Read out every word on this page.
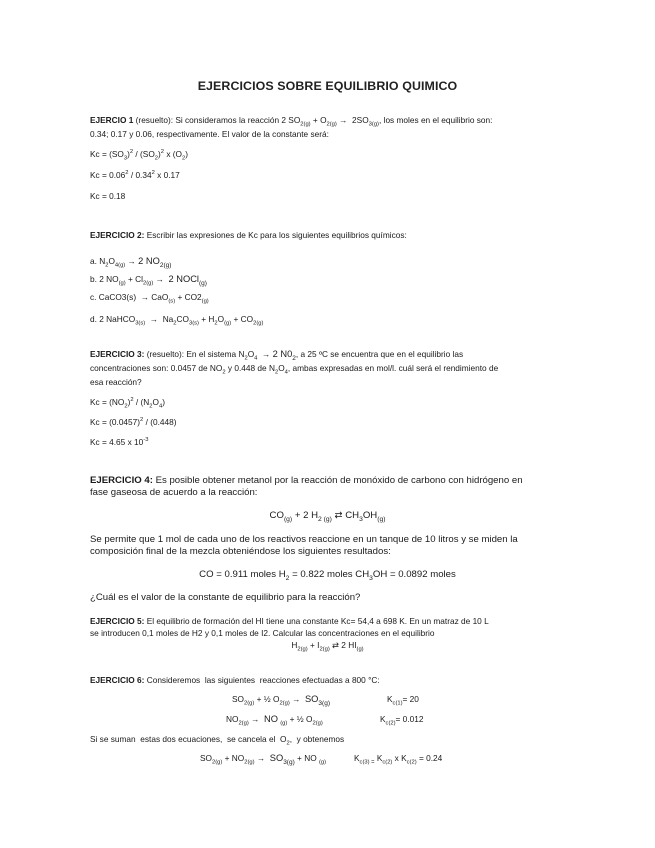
EJERCICIOS SOBRE EQUILIBRIO QUIMICO

EJERCIO 1 (resuelto): Si consideramos la reacción 2 $SO_{2(g)} + O_{2(g)} \to 2SO_{3(g)}$, los moles en el equilibrio son:

0.34; 0.17 y 0.06, respectivamente. El valor de la constante será:

$Kc = (SO_3)^2 / (SO_2)^2$ x $(O_2)$

$Kc = 0.06^2 / 0.34^2$ x 0.17

Kc = 0.18

EJERCICIO 2: Escribir las expresiones de Kc para los siguientes equilibrios químicos:

a. $N_2O_{4(g)} \to 2$ $NO_{2(g)}$

b. 2 $NO_{(g)} + Cl_{2(g)} \to 2$ NOCl$_{(g)}$

c. CaCO3(s)  → $CaO_{(s)} + CO2_{(g)}$

d. 2 NaHCO$_{3(s)}$  →  $Na_2CO_{3(s)} + H_2O_{(g)} + CO_{2(g)}$

EJERCICIO 3: (resuelto): En el sistema $N_2O_4 \to 2$ $N0_2$, a 25 ºC se encuentra que en el equilibrio las

concentraciones son: 0.0457 de $NO_2$ y 0.448 de $N_2O_4$, ambas expresadas en mol/l. cuál será el rendimiento de

esa reacción?

$Kc = (NO_2)^2 / (N_2O_4)$

$Kc = (0.0457)^2 / (0.448)$

Kc = 4.65 x $10^{-3}$

EJERCICIO 4: Es posible obtener metanol por la reacción de monóxido de carbono con hidrógeno en

fase gaseosa de acuerdo a la reacción:

$CO_{(g)} + 2$ $H_{2 (g)}$ ⇄ $CH_3OH_{(g)}$

Se permite que 1 mol de cada uno de los reactivos reaccione en un tanque de 10 litros y se miden la

composición final de la mezcla obteniéndose los siguientes resultados:

CO = 0.911 moles $H_2 = 0.822$ moles $CH_3OH = 0.0892$ moles

¿Cuál es el valor de la constante de equilibrio para la reacción?

EJERCICIO 5: El equilibrio de formación del HI tiene una constante Kc= 54,4 a 698 K. En un matraz de 10 L

se introducen 0,1 moles de H2 y 0,1 moles de I2. Calcular las concentraciones en el equilibrio

$H_{2(g)} + I_{2(g)}$ ⇄ 2 $HI_{(g)}$

EJERCICIO 6: Consideremos  las siguientes  reacciones efectuadas a 800 °C:

$SO_{2(g)}$ + ½ $O_{2(g)} \to SO_{3(g)}$	$K_{c(1)}= 20$

$NO_{2(g)}$ →  NO $_{(g)}$ + ½ $O_{2(g)}$	$K_{c(2)}= 0.012$

Si se suman  estas dos ecuaciones,  se cancela el  $O_2$,  y obtenemos

$SO_{2(g)} + NO_{2(g)} \to SO_{3(g)}$ + NO $_{(g)}$	$K_{c(3) =}$ $K_{c(2)}$ x $K_{c(2)} = 0.24$
